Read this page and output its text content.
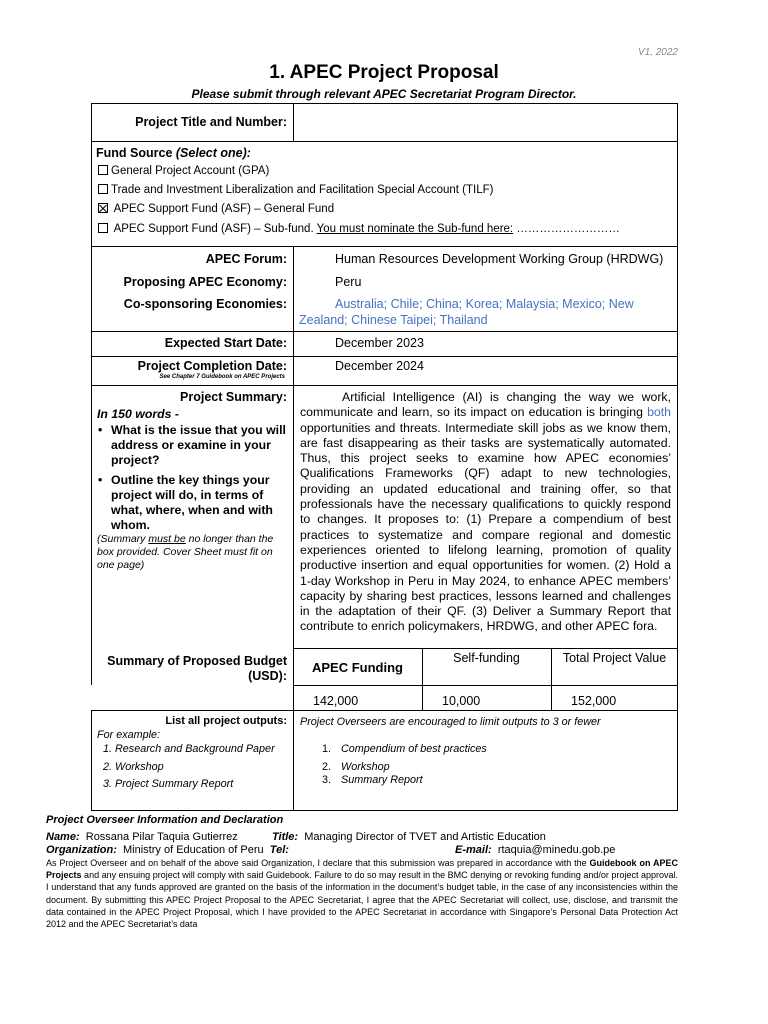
V1, 2022
1. APEC Project Proposal
Please submit through relevant APEC Secretariat Program Director.
Project Title and Number:
Fund Source (Select one):
General Project Account (GPA)
Trade and Investment Liberalization and Facilitation Special Account (TILF)
APEC Support Fund (ASF) – General Fund
APEC Support Fund (ASF) – Sub-fund. You must nominate the Sub-fund here: ………………………
APEC Forum:	Human Resources Development Working Group (HRDWG)
Proposing APEC Economy:	Peru
Co-sponsoring Economies:	Australia; Chile; China; Korea; Malaysia; Mexico; New
Zealand; Chinese Taipei; Thailand
Expected Start Date:	December 2023
Project Completion Date:
See Chapter 7 Guidebook on APEC Projects
December 2024
Project Summary:
In 150 words -
• What is the issue that you will address or examine in your project?
• Outline the key things your project will do, in terms of what, where, when and with whom.
(Summary must be no longer than the box provided. Cover Sheet must fit on one page)
Artificial Intelligence (AI) is changing the way we work, communicate and learn, so its impact on education is bringing both opportunities and threats. Intermediate skill jobs as we know them, are fast disappearing as their tasks are systematically automated. Thus, this project seeks to examine how APEC economies’ Qualifications Frameworks (QF) adapt to new technologies, providing an updated educational and training offer, so that professionals have the necessary qualifications to quickly respond to changes. It proposes to: (1) Prepare a compendium of best practices to systematize and compare regional and domestic experiences oriented to lifelong learning, promotion of quality productive insertion and equal opportunities for women. (2) Hold a 1-day Workshop in Peru in May 2024, to enhance APEC members’ capacity by sharing best practices, lessons learned and challenges in the adaptation of their QF. (3) Deliver a Summary Report that contribute to enrich policymakers, HRDWG, and other APEC fora.
Summary of Proposed Budget
(USD):
APEC Funding
Self-funding	Total Project Value
142,000	10,000	152,000
List all project outputs:
For example:
1. Research and Background Paper
2. Workshop
3. Project Summary Report
Project Overseers are encouraged to limit outputs to 3 or fewer
1. Compendium of best practices
2. Workshop
3. Summary Report
Project Overseer Information and Declaration
Name: Rossana Pilar Taquia Gutierrez	Title: Managing Director of TVET and Artistic Education
Organization: Ministry of Education of Peru Tel:	E-mail: rtaquia@minedu.gob.pe
As Project Overseer and on behalf of the above said Organization, I declare that this submission was prepared in accordance with the Guidebook on APEC Projects and any ensuing project will comply with said Guidebook. Failure to do so may result in the BMC denying or revoking funding and/or project approval. I understand that any funds approved are granted on the basis of the information in the document’s budget table, in the case of any inconsistencies within the document. By submitting this APEC Project Proposal to the APEC Secretariat, I agree that the APEC Secretariat will collect, use, disclose, and transmit the data contained in the APEC Project Proposal, which I have provided to the APEC Secretariat in accordance with Singapore’s Personal Data Protection Act 2012 and the APEC Secretariat’s data
